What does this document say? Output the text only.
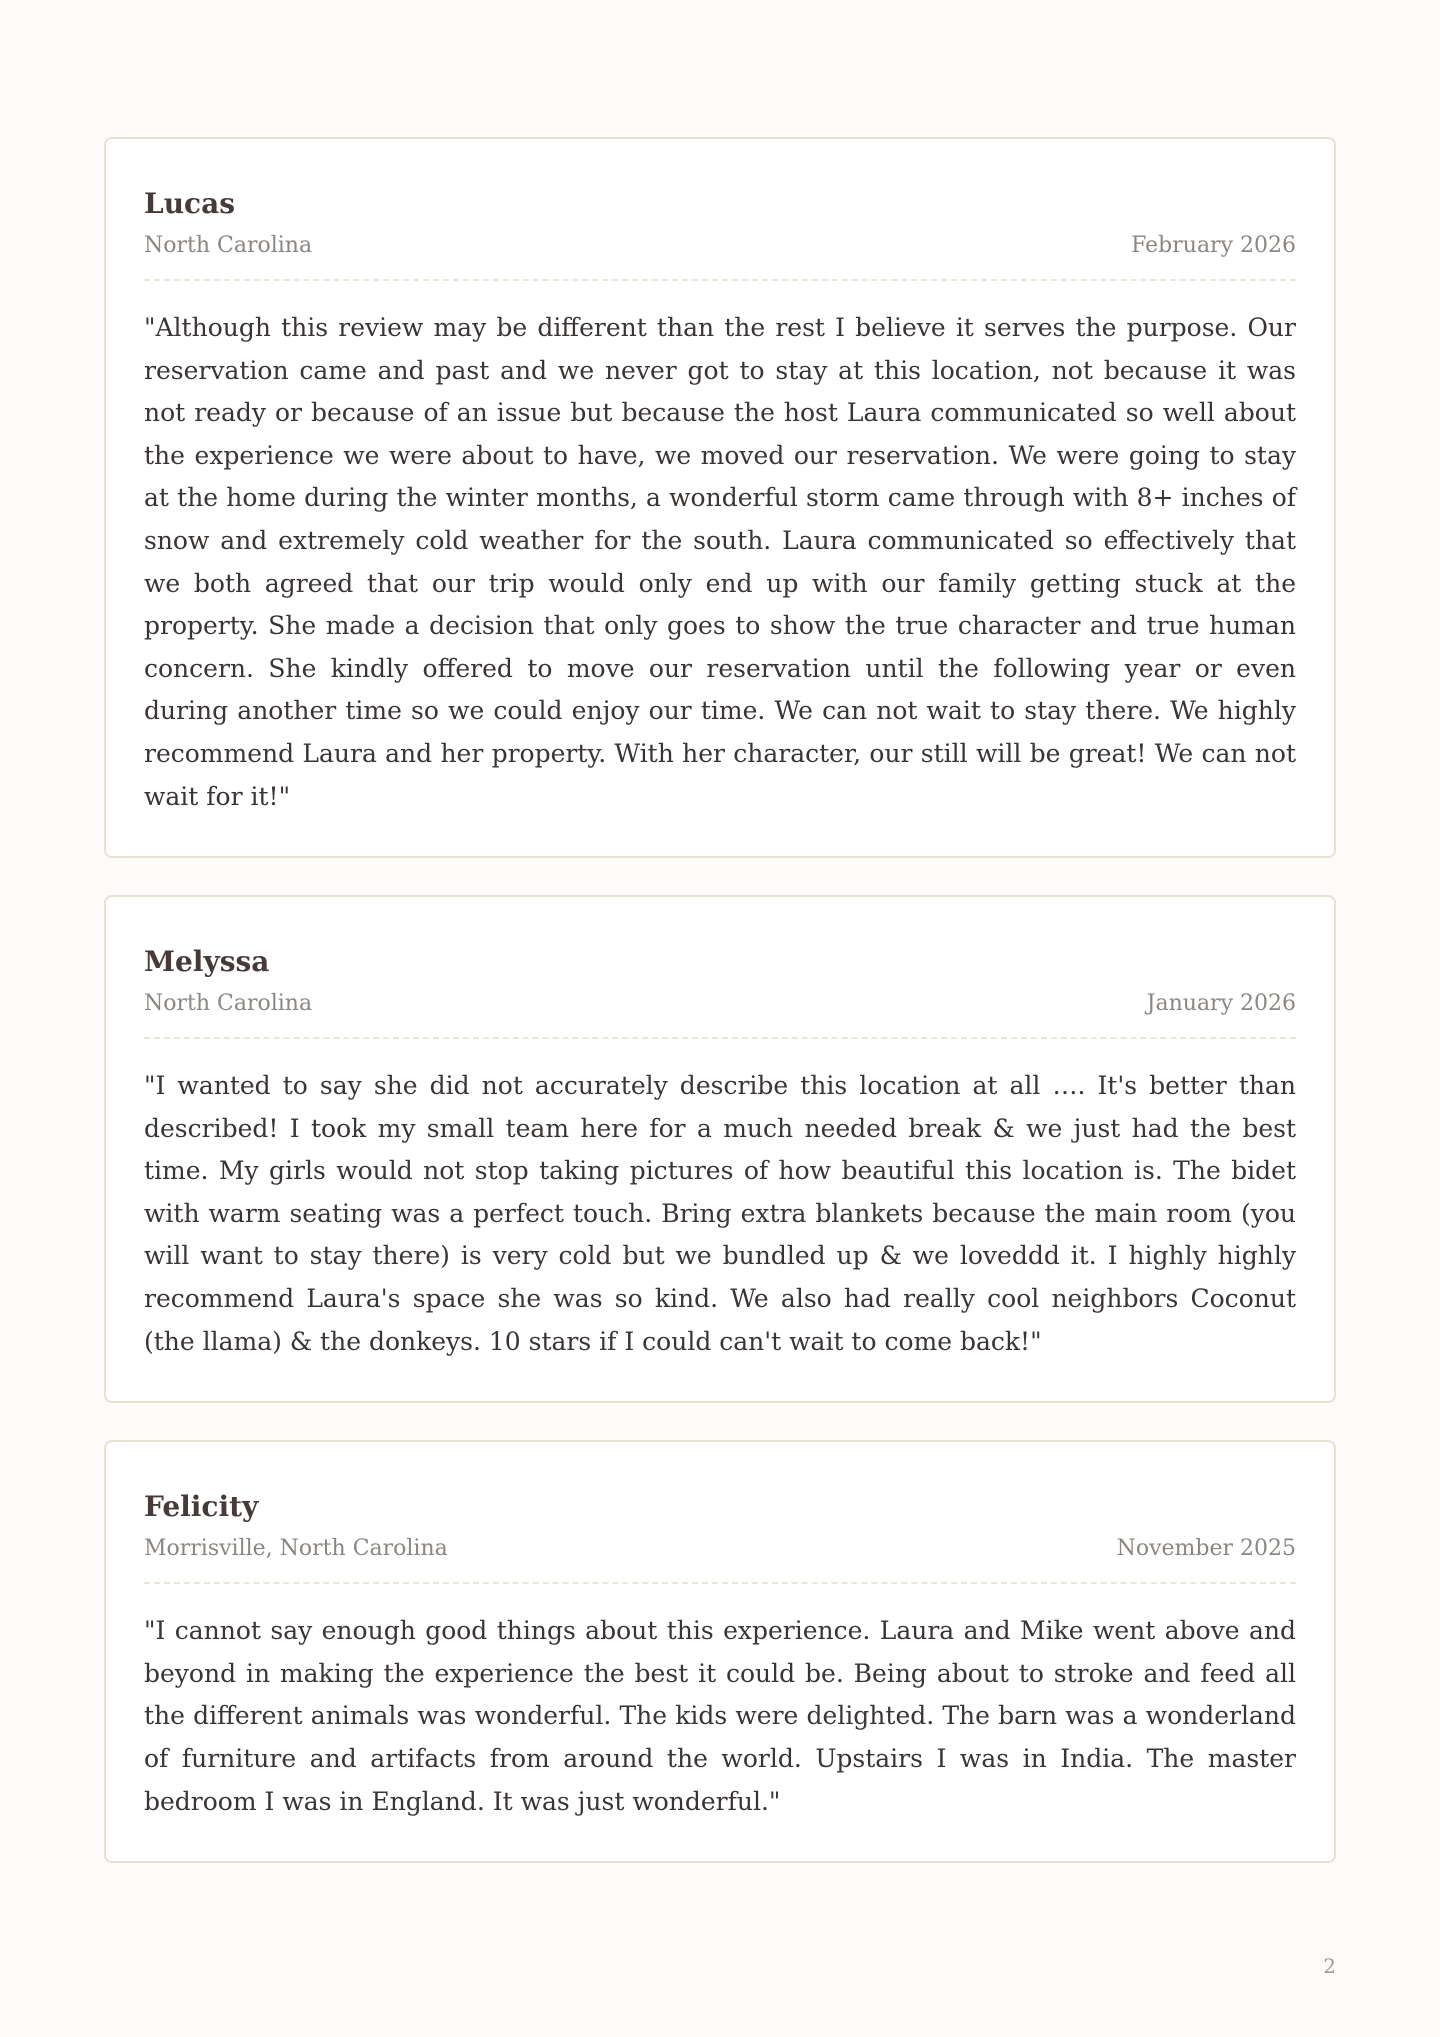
Lucas
North Carolina	February 2026

"Although this review may be different than the rest I believe it serves the purpose. Our reservation came and past and we never got to stay at this location, not because it was not ready or because of an issue but because the host Laura communicated so well about the experience we were about to have, we moved our reservation. We were going to stay at the home during the winter months, a wonderful storm came through with 8+ inches of snow and extremely cold weather for the south. Laura communicated so effectively that we both agreed that our trip would only end up with our family getting stuck at the property. She made a decision that only goes to show the true character and true human concern. She kindly offered to move our reservation until the following year or even during another time so we could enjoy our time. We can not wait to stay there. We highly recommend Laura and her property. With her character, our still will be great! We can not wait for it!"

Melyssa
North Carolina	January 2026

"I wanted to say she did not accurately describe this location at all …. It's better than described! I took my small team here for a much needed break & we just had the best time. My girls would not stop taking pictures of how beautiful this location is. The bidet with warm seating was a perfect touch. Bring extra blankets because the main room (you will want to stay there) is very cold but we bundled up & we loveddd it. I highly highly recommend Laura's space she was so kind. We also had really cool neighbors Coconut (the llama) & the donkeys. 10 stars if I could can't wait to come back!"

Felicity
Morrisville, North Carolina	November 2025

"I cannot say enough good things about this experience. Laura and Mike went above and beyond in making the experience the best it could be. Being about to stroke and feed all the different animals was wonderful. The kids were delighted. The barn was a wonderland of furniture and artifacts from around the world. Upstairs I was in India. The master bedroom I was in England. It was just wonderful."

2
